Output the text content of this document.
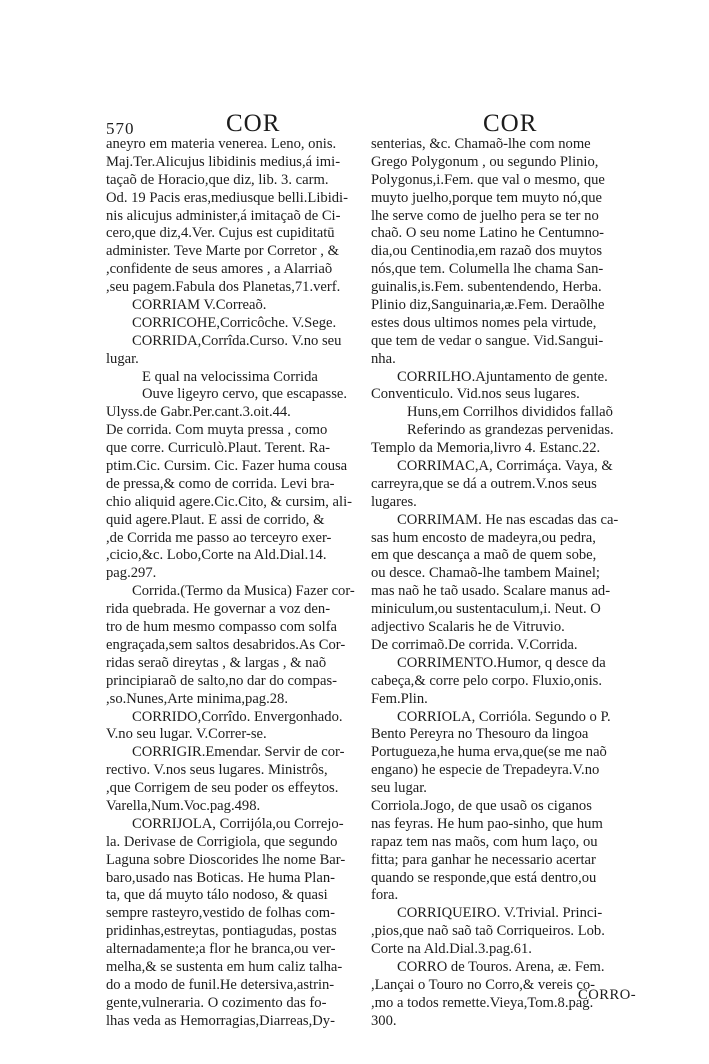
570	COR	COR
aneyro em materia venerea. Leno, onis.
Maj.Ter.Alicujus libidinis medius,á imi-
taçaõ de Horacio,que diz, lib. 3. carm.
Od. 19 Pacis eras,mediusque belli.Libidi-
nis alicujus administer,á imitaçaõ de Ci-
cero,que diz,4.Ver. Cujus est cupiditatū
administer. Teve Marte por Corretor , &
,confidente de seus amores , a Alarriaõ
,seu pagem.Fabula dos Planetas,71.verf.
CORRIAM V.Correaõ.
CORRICOHE,Corricôche. V.Sege.
CORRIDA,Corrîda.Curso. V.no seu
lugar.
E qual na velocissima Corrida
Ouve ligeyro cervo, que escapasse.
Ulyss.de Gabr.Per.cant.3.oit.44.
De corrida. Com muyta pressa , como
que corre. Curriculò.Plaut. Terent. Ra-
ptim.Cic. Cursim. Cic. Fazer huma cousa
de pressa,& como de corrida. Levi bra-
chio aliquid agere.Cic.Cito, & cursim, ali-
quid agere.Plaut. E assi de corrido, &
,de Corrida me passo ao terceyro exer-
,cicio,&c. Lobo,Corte na Ald.Dial.14.
pag.297.
Corrida.(Termo da Musica) Fazer cor-
rida quebrada. He governar a voz den-
tro de hum mesmo compasso com solfa
engraçada,sem saltos desabridos.As Cor-
ridas seraõ direytas , & largas , & naõ
principiaraõ de salto,no dar do compas-
,so.Nunes,Arte minima,pag.28.
CORRIDO,Corrîdo. Envergonhado.
V.no seu lugar. V.Correr-se.
CORRIGIR.Emendar. Servir de cor-
rectivo. V.nos seus lugares. Ministrôs,
,que Corrigem de seu poder os effeytos.
Varella,Num.Voc.pag.498.
CORRIJOLA, Corrijóla,ou Correjo-
la. Derivase de Corrigiola, que segundo
Laguna sobre Dioscorides lhe nome Bar-
baro,usado nas Boticas. He huma Plan-
ta, que dá muyto tálo nodoso, & quasi
sempre rasteyro,vestido de folhas com-
pridinhas,estreytas, pontiagudas, postas
alternadamente;a flor he branca,ou ver-
melha,& se sustenta em hum caliz talha-
do a modo de funil.He detersiva,astrin-
gente,vulneraria. O cozimento das fo-
lhas veda as Hemorragias,Diarreas,Dy-
senterias, &c. Chamaõ-lhe com nome
Grego Polygonum , ou segundo Plinio,
Polygonus,i.Fem. que val o mesmo, que
muyto juelho,porque tem muyto nó,que
lhe serve como de juelho pera se ter no
chaõ. O seu nome Latino he Centumno-
dia,ou Centinodia,em razaõ dos muytos
nós,que tem. Columella lhe chama San-
guinalis,is.Fem. subentendendo, Herba.
Plinio diz,Sanguinaria,æ.Fem. Deraõlhe
estes dous ultimos nomes pela virtude,
que tem de vedar o sangue. Vid.Sangui-
nha.
CORRILHO.Ajuntamento de gente.
Conventiculo. Vid.nos seus lugares.
Huns,em Corrilhos divididos fallaõ
Referindo as grandezas pervenidas.
Templo da Memoria,livro 4. Estanc.22.
CORRIMAC,A, Corrimáça. Vaya, &
carreyra,que se dá a outrem.V.nos seus
lugares.
CORRIMAM. He nas escadas das ca-
sas hum encosto de madeyra,ou pedra,
em que descança a maõ de quem sobe,
ou desce. Chamaõ-lhe tambem Mainel;
mas naõ he taõ usado. Scalare manus ad-
miniculum,ou sustentaculum,i. Neut. O
adjectivo Scalaris he de Vitruvio.
De corrimaõ.De corrida. V.Corrida.
CORRIMENTO.Humor, q desce da
cabeça,& corre pelo corpo. Fluxio,onis.
Fem.Plin.
CORRIOLA, Corrióla. Segundo o P.
Bento Pereyra no Thesouro da lingoa
Portugueza,he huma erva,que(se me naõ
engano) he especie de Trepadeyra.V.no
seu lugar.
Corriola.Jogo, de que usaõ os ciganos
nas feyras. He hum pao-sinho, que hum
rapaz tem nas maõs, com hum laço, ou
fitta; para ganhar he necessario acertar
quando se responde,que está dentro,ou
fora.
CORRIQUEIRO. V.Trivial. Princi-
,pios,que naõ saõ taõ Corriqueiros. Lob.
Corte na Ald.Dial.3.pag.61.
CORRO de Touros. Arena, æ. Fem.
,Lançai o Touro no Corro,& vereis co-
,mo a todos remette.Vieya,Tom.8.pag.
300.
CORRO-
